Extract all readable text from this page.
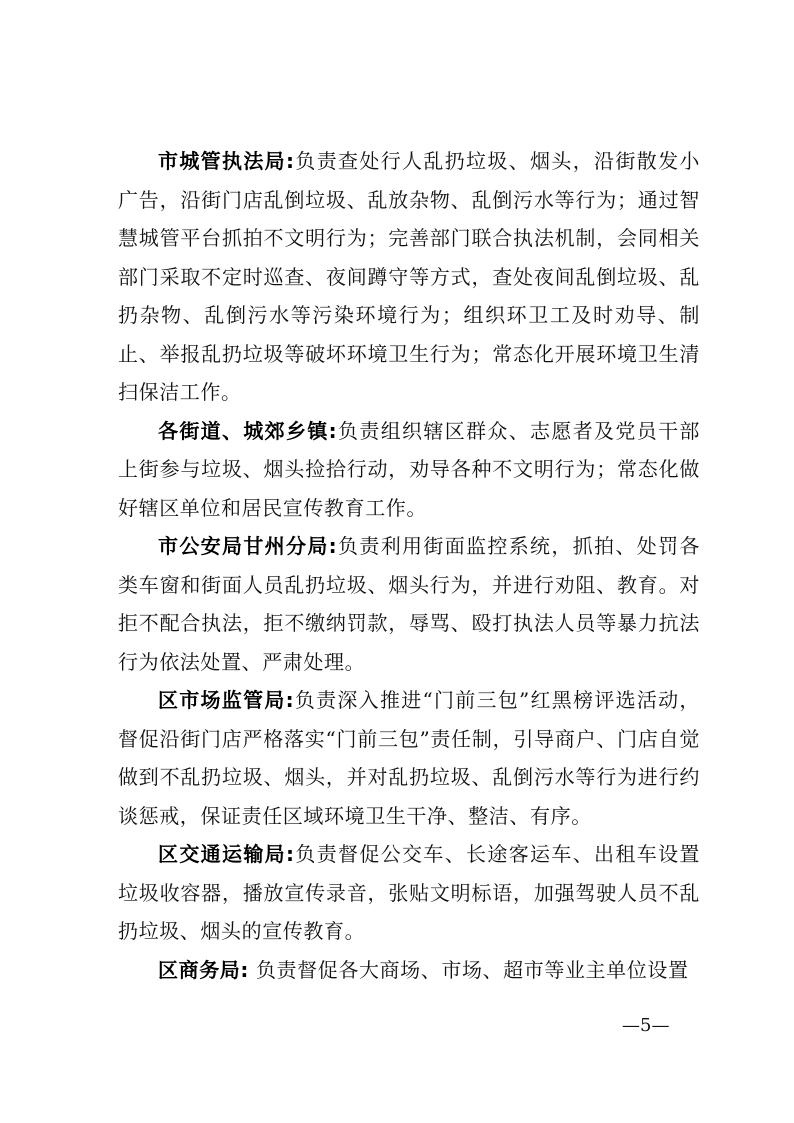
市城管执法局:负责查处行人乱扔垃圾、烟头，沿街散发小广告，沿街门店乱倒垃圾、乱放杂物、乱倒污水等行为；通过智慧城管平台抓拍不文明行为；完善部门联合执法机制，会同相关部门采取不定时巡查、夜间蹲守等方式，查处夜间乱倒垃圾、乱扔杂物、乱倒污水等污染环境行为；组织环卫工及时劝导、制止、举报乱扔垃圾等破坏环境卫生行为；常态化开展环境卫生清扫保洁工作。

各街道、城郊乡镇:负责组织辖区群众、志愿者及党员干部上街参与垃圾、烟头捡拾行动，劝导各种不文明行为；常态化做好辖区单位和居民宣传教育工作。

市公安局甘州分局:负责利用街面监控系统，抓拍、处罚各类车窗和街面人员乱扔垃圾、烟头行为，并进行劝阻、教育。对拒不配合执法，拒不缴纳罚款，辱骂、殴打执法人员等暴力抗法行为依法处置、严肃处理。

区市场监管局:负责深入推进“门前三包”红黑榜评选活动，督促沿街门店严格落实“门前三包”责任制，引导商户、门店自觉做到不乱扔垃圾、烟头，并对乱扔垃圾、乱倒污水等行为进行约谈惩戒，保证责任区域环境卫生干净、整洁、有序。

区交通运输局:负责督促公交车、长途客运车、出租车设置垃圾收容器，播放宣传录音，张贴文明标语，加强驾驶人员不乱扔垃圾、烟头的宣传教育。

区商务局: 负责督促各大商场、市场、超市等业主单位设置

—5—
